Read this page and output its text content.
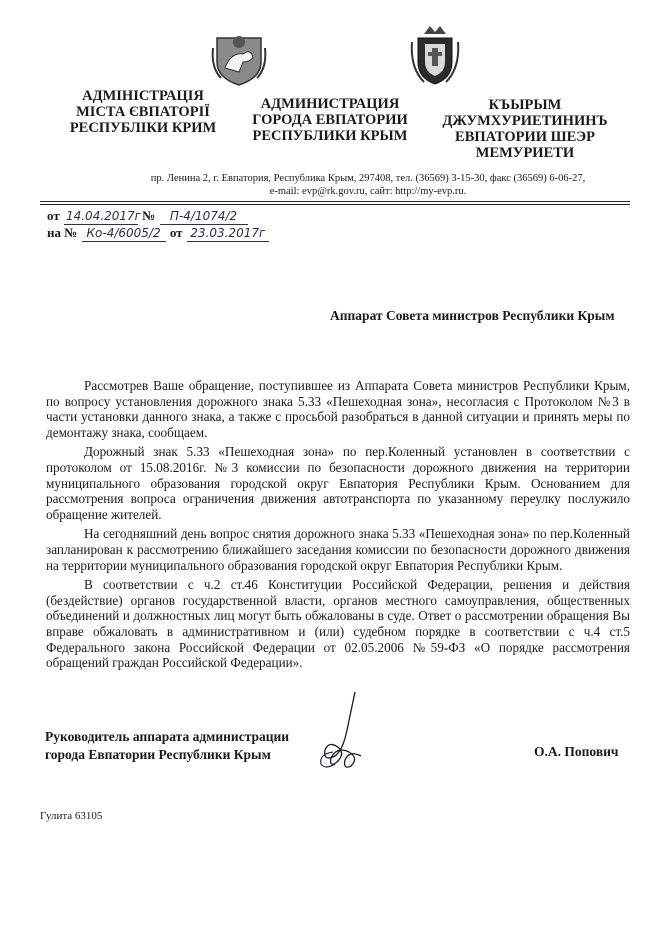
АДМІНІСТРАЦІЯ
МІСТА ЄВПАТОРІЇ
РЕСПУБЛІКИ КРИМ
АДМИНИСТРАЦИЯ
ГОРОДА ЕВПАТОРИИ
РЕСПУБЛИКИ КРЫМ
КЪЫРЫМ
ДЖУМХУРИЕТИНИНЪ
ЕВПАТОРИИ ШЕЭР
МЕМУРИЕТИ
пр. Ленина 2, г. Евпатория, Республика Крым, 297408, тел. (36569) 3-15-30, факс (36569) 6-06-27,
e-mail: evp@rk.gov.ru, сайт: http://my-evp.ru.
от 14.04.2017г № П-4/1074/2
на № Ко-4/6005/2 от 23.03.2017г
Аппарат Совета министров Республики Крым

Рассмотрев Ваше обращение, поступившее из Аппарата Совета министров Республики Крым, по вопросу установления дорожного знака 5.33 «Пешеходная зона», несогласия с Протоколом №3 в части установки данного знака, а также с просьбой разобраться в данной ситуации и принять меры по демонтажу знака, сообщаем.

Дорожный знак 5.33 «Пешеходная зона» по пер.Коленный установлен в соответствии с протоколом от 15.08.2016г. №3 комиссии по безопасности дорожного движения на территории муниципального образования городской округ Евпатория Республики Крым. Основанием для рассмотрения вопроса ограничения движения автотранспорта по указанному переулку послужило обращение жителей.

На сегодняшний день вопрос снятия дорожного знака 5.33 «Пешеходная зона» по пер.Коленный запланирован к рассмотрению ближайшего заседания комиссии по безопасности дорожного движения на территории муниципального образования городской округ Евпатория Республики Крым.

В соответствии с ч.2 ст.46 Конституции Российской Федерации, решения и действия (бездействие) органов государственной власти, органов местного самоуправления, общественных объединений и должностных лиц могут быть обжалованы в суде. Ответ о рассмотрении обращения Вы вправе обжаловать в административном и (или) судебном порядке в соответствии с ч.4 ст.5 Федерального закона Российской Федерации от 02.05.2006 №59-ФЗ «О порядке рассмотрения обращений граждан Российской Федерации».

Руководитель аппарата администрации
города Евпатории Республики Крым	О.А. Попович
Гулита 63105
